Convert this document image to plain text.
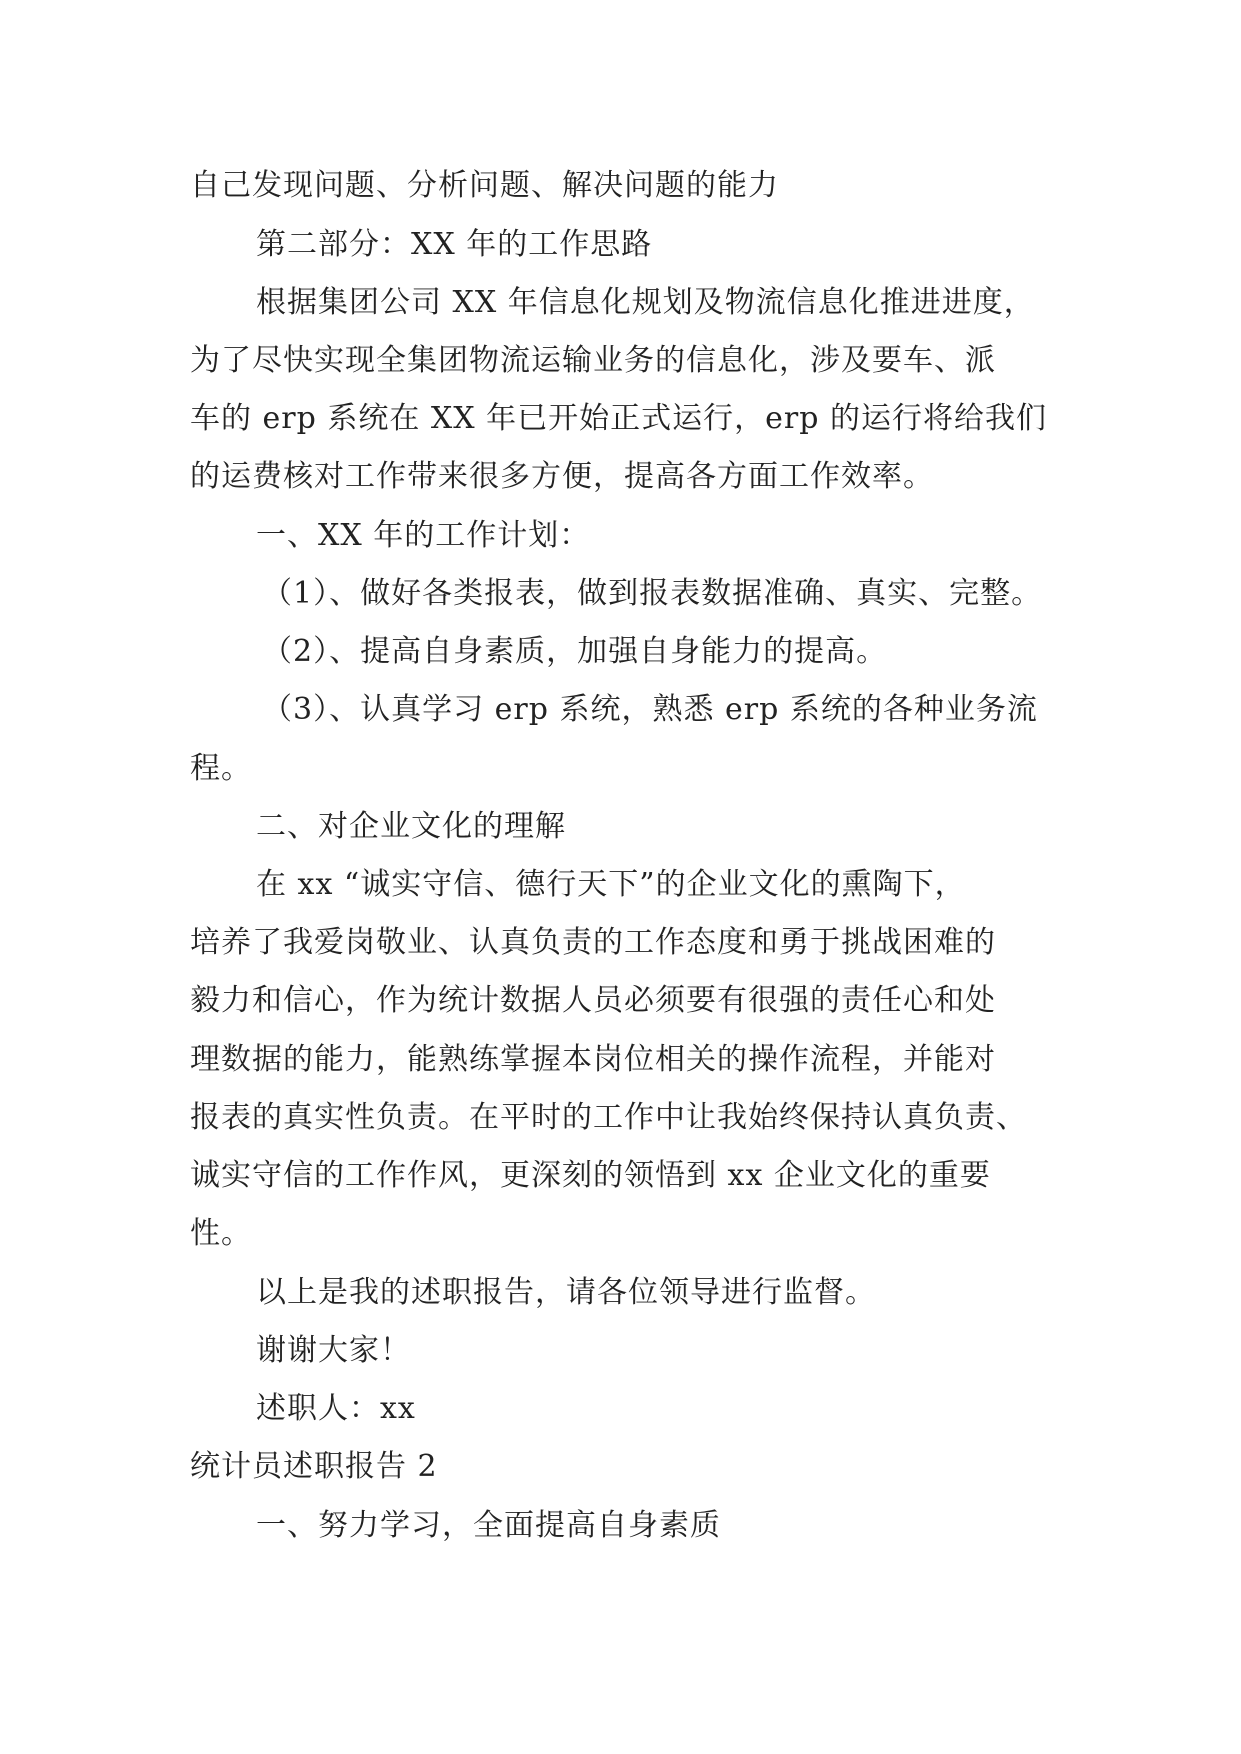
自己发现问题、分析问题、解决问题的能力
第二部分：XX 年的工作思路
根据集团公司 XX 年信息化规划及物流信息化推进进度，
为了尽快实现全集团物流运输业务的信息化，涉及要车、派
车的 erp 系统在 XX 年已开始正式运行，erp 的运行将给我们
的运费核对工作带来很多方便，提高各方面工作效率。
一、XX 年的工作计划：
（1）、做好各类报表，做到报表数据准确、真实、完整。
（2）、提高自身素质，加强自身能力的提高。
（3）、认真学习 erp 系统，熟悉 erp 系统的各种业务流
程。
二、对企业文化的理解
在 xx “诚实守信、德行天下”的企业文化的熏陶下，
培养了我爱岗敬业、认真负责的工作态度和勇于挑战困难的
毅力和信心，作为统计数据人员必须要有很强的责任心和处
理数据的能力，能熟练掌握本岗位相关的操作流程，并能对
报表的真实性负责。在平时的工作中让我始终保持认真负责、
诚实守信的工作作风，更深刻的领悟到 xx 企业文化的重要
性。
以上是我的述职报告，请各位领导进行监督。
谢谢大家！
述职人：xx
统计员述职报告 2
一、努力学习，全面提高自身素质
